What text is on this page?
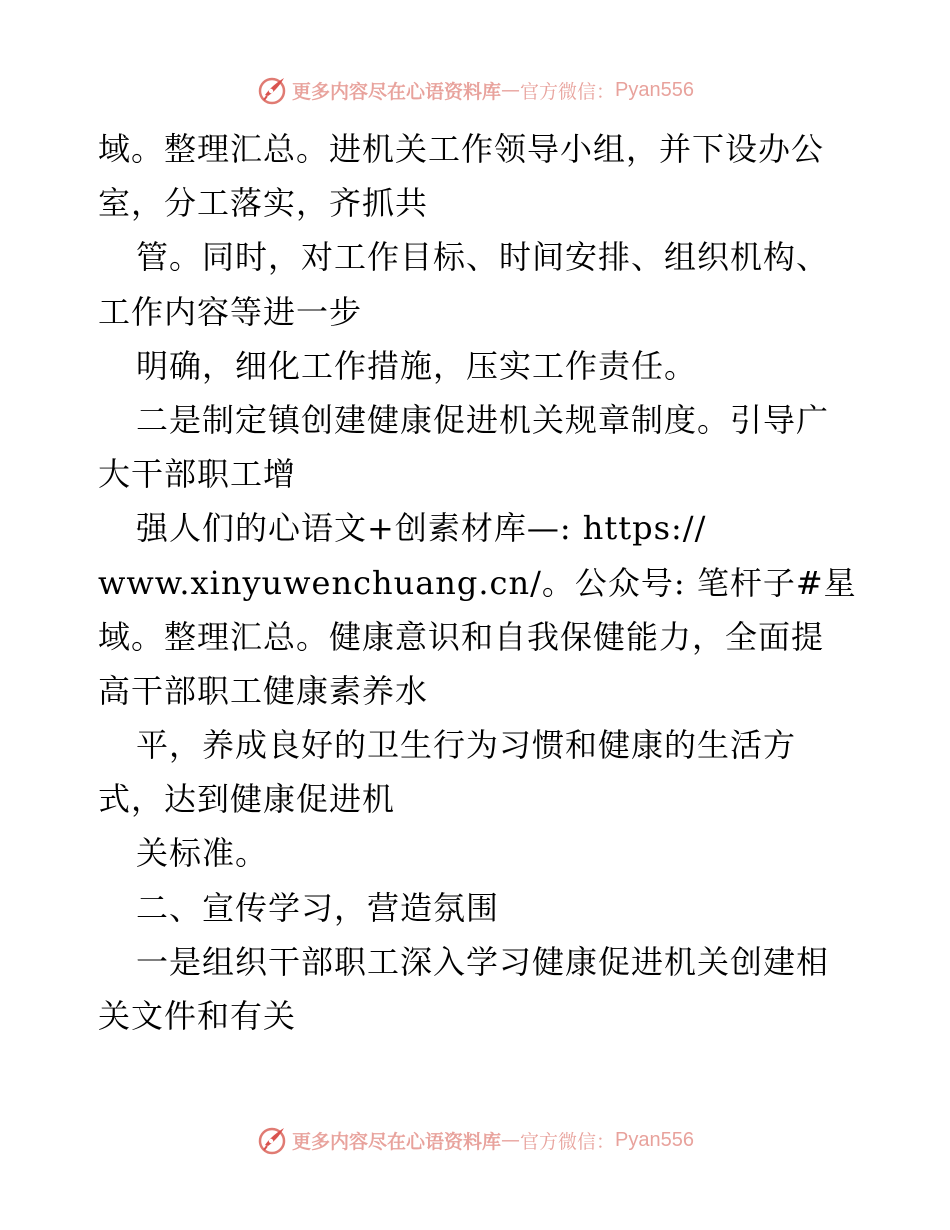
更多内容尽在心语资料库 — 官方微信： Pyan556
域。整理汇总。进机关工作领导小组，并下设办公
室，分工落实，齐抓共
管。同时，对工作目标、时间安排、组织机构、
工作内容等进一步
明确，细化工作措施，压实工作责任。
二是制定镇创建健康促进机关规章制度。引导广
大干部职工增
强人们的心语文+创素材库—: https://
www.xinyuwenchuang.cn/。公众号: 笔杆子#星
域。整理汇总。健康意识和自我保健能力，全面提
高干部职工健康素养水
平，养成良好的卫生行为习惯和健康的生活方
式，达到健康促进机
关标准。
二、宣传学习，营造氛围
一是组织干部职工深入学习健康促进机关创建相
关文件和有关
更多内容尽在心语资料库 — 官方微信： Pyan556
